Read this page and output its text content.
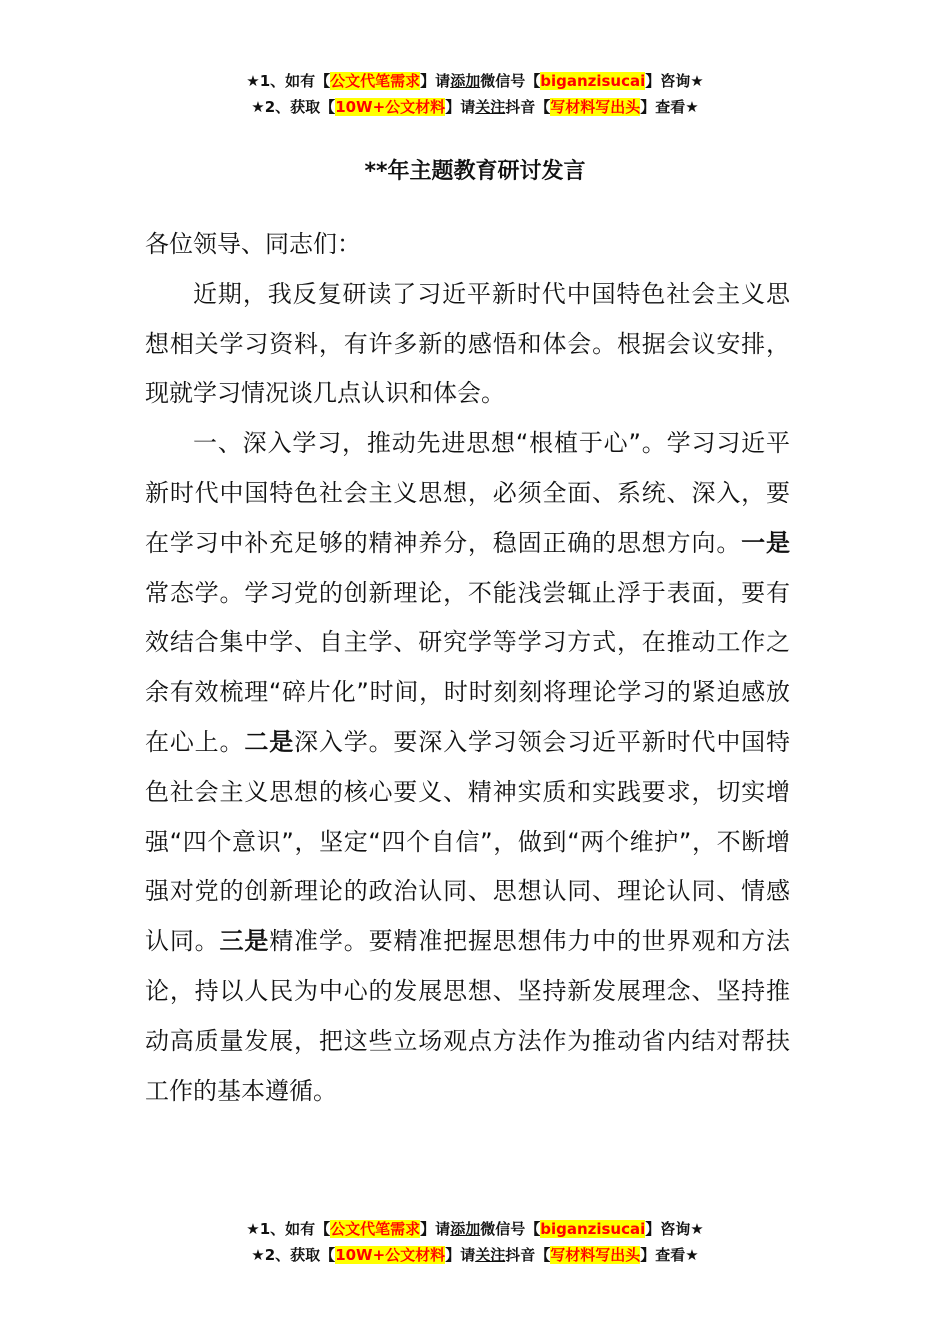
★1、如有【公文代笔需求】请添加微信号【biganzisucai】咨询★
★2、获取【10W+公文材料】请关注抖音【写材料写出头】查看★
**年主题教育研讨发言

各位领导、同志们：

近期，我反复研读了习近平新时代中国特色社会主义思想相关学习资料，有许多新的感悟和体会。根据会议安排，现就学习情况谈几点认识和体会。

一、深入学习，推动先进思想“根植于心”。学习习近平新时代中国特色社会主义思想，必须全面、系统、深入，要在学习中补充足够的精神养分，稳固正确的思想方向。一是常态学。学习党的创新理论，不能浅尝辄止浮于表面，要有效结合集中学、自主学、研究学等学习方式，在推动工作之余有效梳理“碎片化”时间，时时刻刻将理论学习的紧迫感放在心上。二是深入学。要深入学习领会习近平新时代中国特色社会主义思想的核心要义、精神实质和实践要求，切实增强“四个意识”，坚定“四个自信”，做到“两个维护”，不断增强对党的创新理论的政治认同、思想认同、理论认同、情感认同。三是精准学。要精准把握思想伟力中的世界观和方法论，持以人民为中心的发展思想、坚持新发展理念、坚持推动高质量发展，把这些立场观点方法作为推动省内结对帮扶工作的基本遵循。

★1、如有【公文代笔需求】请添加微信号【biganzisucai】咨询★
★2、获取【10W+公文材料】请关注抖音【写材料写出头】查看★
